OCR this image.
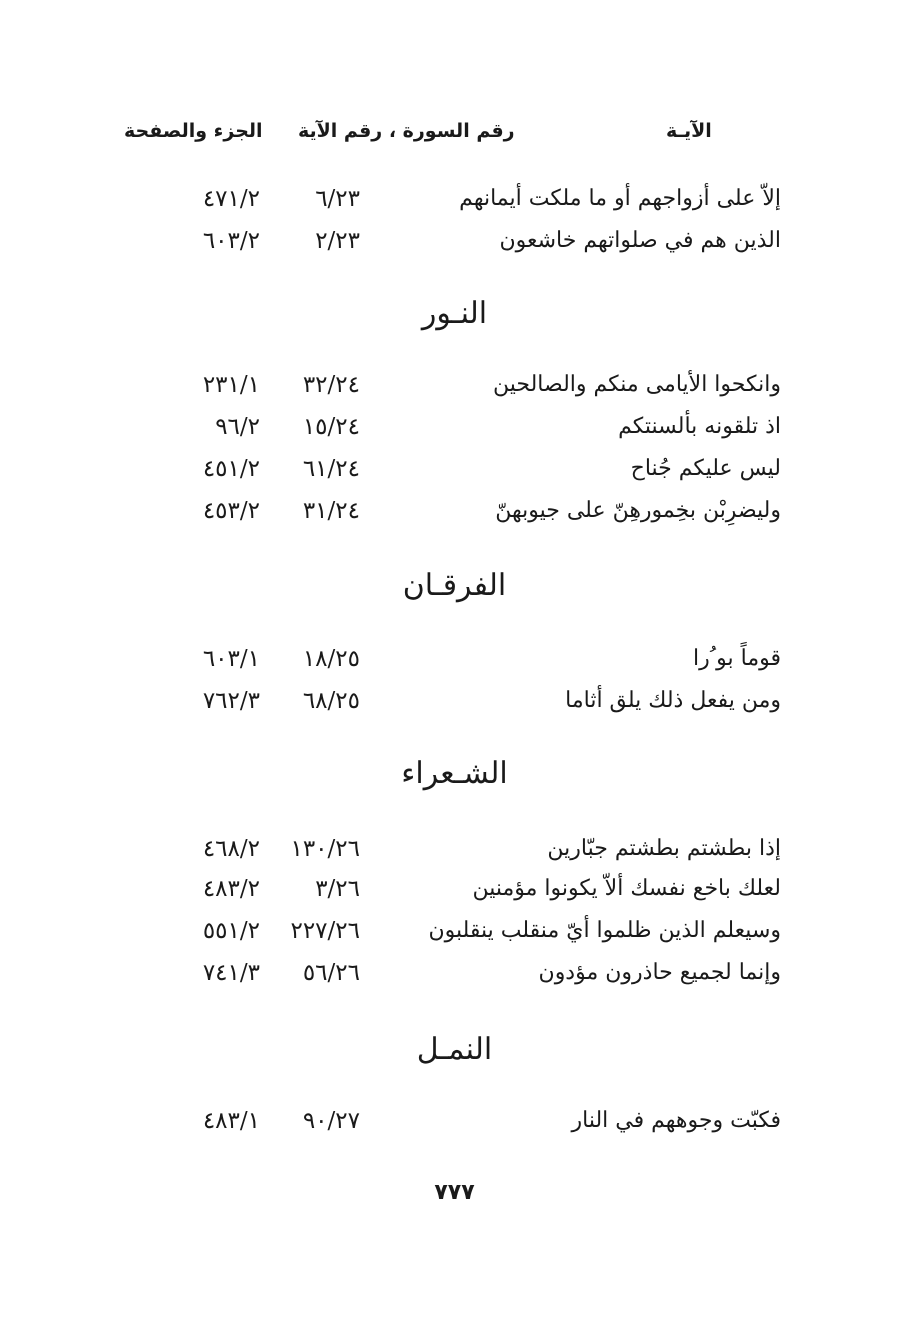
الآيـة
رقم السورة ، رقم الآية
الجزء والصفحة
إلاّ على أزواجهم أو ما ملكت أيمانهم
٦/٢٣
٤٧١/٢
الذين هم في صلواتهم خاشعون
٢/٢٣
٦٠٣/٢
النـور
وانكحوا الأيامى منكم والصالحين
٣٢/٢٤
٢٣١/١
اذ تلقونه بألسنتكم
١٥/٢٤
٩٦/٢
ليس عليكم جُناح
٦١/٢٤
٤٥١/٢
وليضرِبْن بخِمورهِنّ على جيوبهنّ
٣١/٢٤
٤٥٣/٢
الفرقـان
قوماً بو ُرا
١٨/٢٥
٦٠٣/١
ومن يفعل ذلك يلق أثاما
٦٨/٢٥
٧٦٢/٣
الشـعراء
إذا بطشتم بطشتم جبّارين
١٣٠/٢٦
٤٦٨/٢
لعلك باخع نفسك ألاّ يكونوا مؤمنين
٣/٢٦
٤٨٣/٢
وسيعلم الذين ظلموا أيّ منقلب ينقلبون
٢٢٧/٢٦
٥٥١/٢
وإنما لجميع حاذرون مؤدون
٥٦/٢٦
٧٤١/٣
النمـل
فكبّت وجوههم في النار
٩٠/٢٧
٤٨٣/١
٧٧٧
